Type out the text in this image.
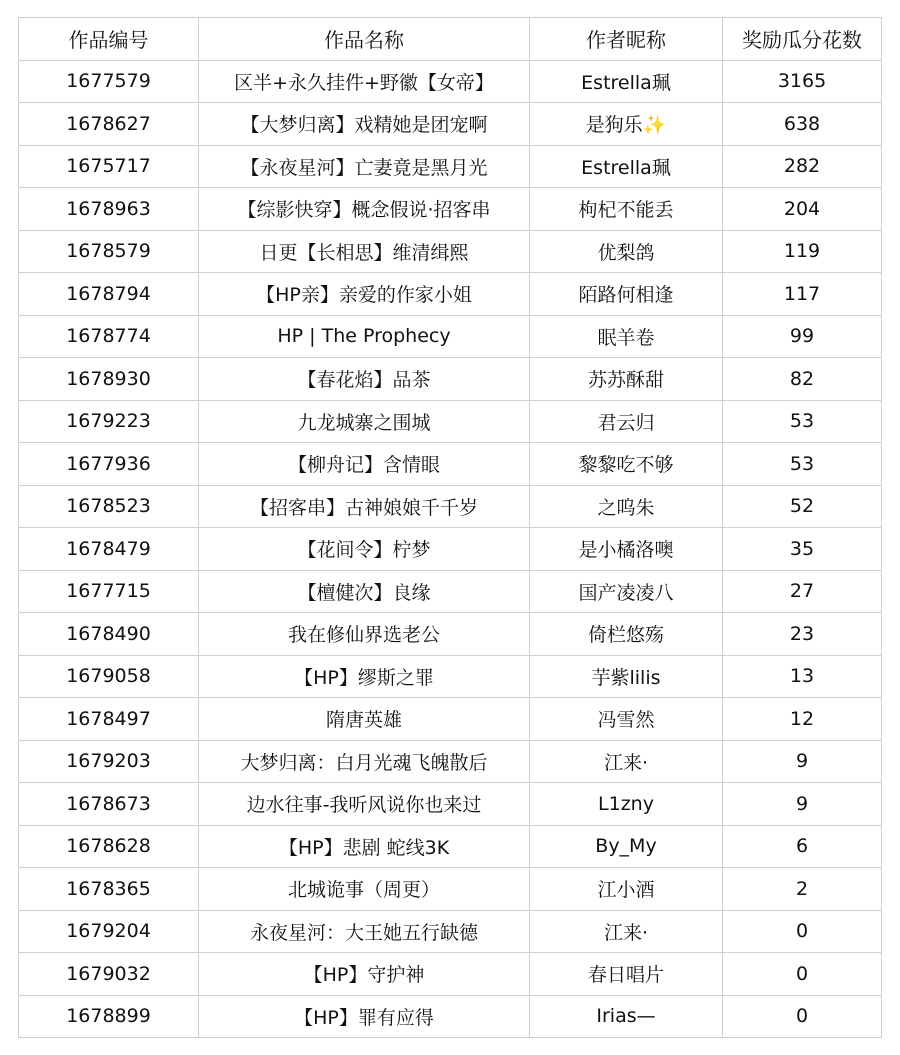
作品编号	作品名称	作者昵称	奖励瓜分花数
1677579	区半+永久挂件+野徽【女帝】	Estrella珮	3165
1678627	【大梦归离】戏精她是团宠啊	是狗乐✨	638
1675717	【永夜星河】亡妻竟是黑月光	Estrella珮	282
1678963	【综影快穿】概念假说·招客串	枸杞不能丢	204
1678579	日更【长相思】维清缉熙	优梨鸽	119
1678794	【HP亲】亲爱的作家小姐	陌路何相逢	117
1678774	HP | The Prophecy	眠羊卷	99
1678930	【春花焰】品茶	苏苏酥甜	82
1679223	九龙城寨之围城	君云归	53
1677936	【柳舟记】含情眼	黎黎吃不够	53
1678523	【招客串】古神娘娘千千岁	之呜朱	52
1678479	【花间令】柠梦	是小橘洛噢	35
1677715	【檀健次】良缘	国产凌凌八	27
1678490	我在修仙界选老公	倚栏悠殇	23
1679058	【HP】缪斯之罪	芋紫lilis	13
1678497	隋唐英雄	冯雪然	12
1679203	大梦归离：白月光魂飞魄散后	江来·	9
1678673	边水往事-我听风说你也来过	L1zny	9
1678628	【HP】悲剧 蛇线3K	By_My	6
1678365	北城诡事（周更）	江小酒	2
1679204	永夜星河：大王她五行缺德	江来·	0
1679032	【HP】守护神	春日唱片	0
1678899	【HP】罪有应得	Irias—	0
